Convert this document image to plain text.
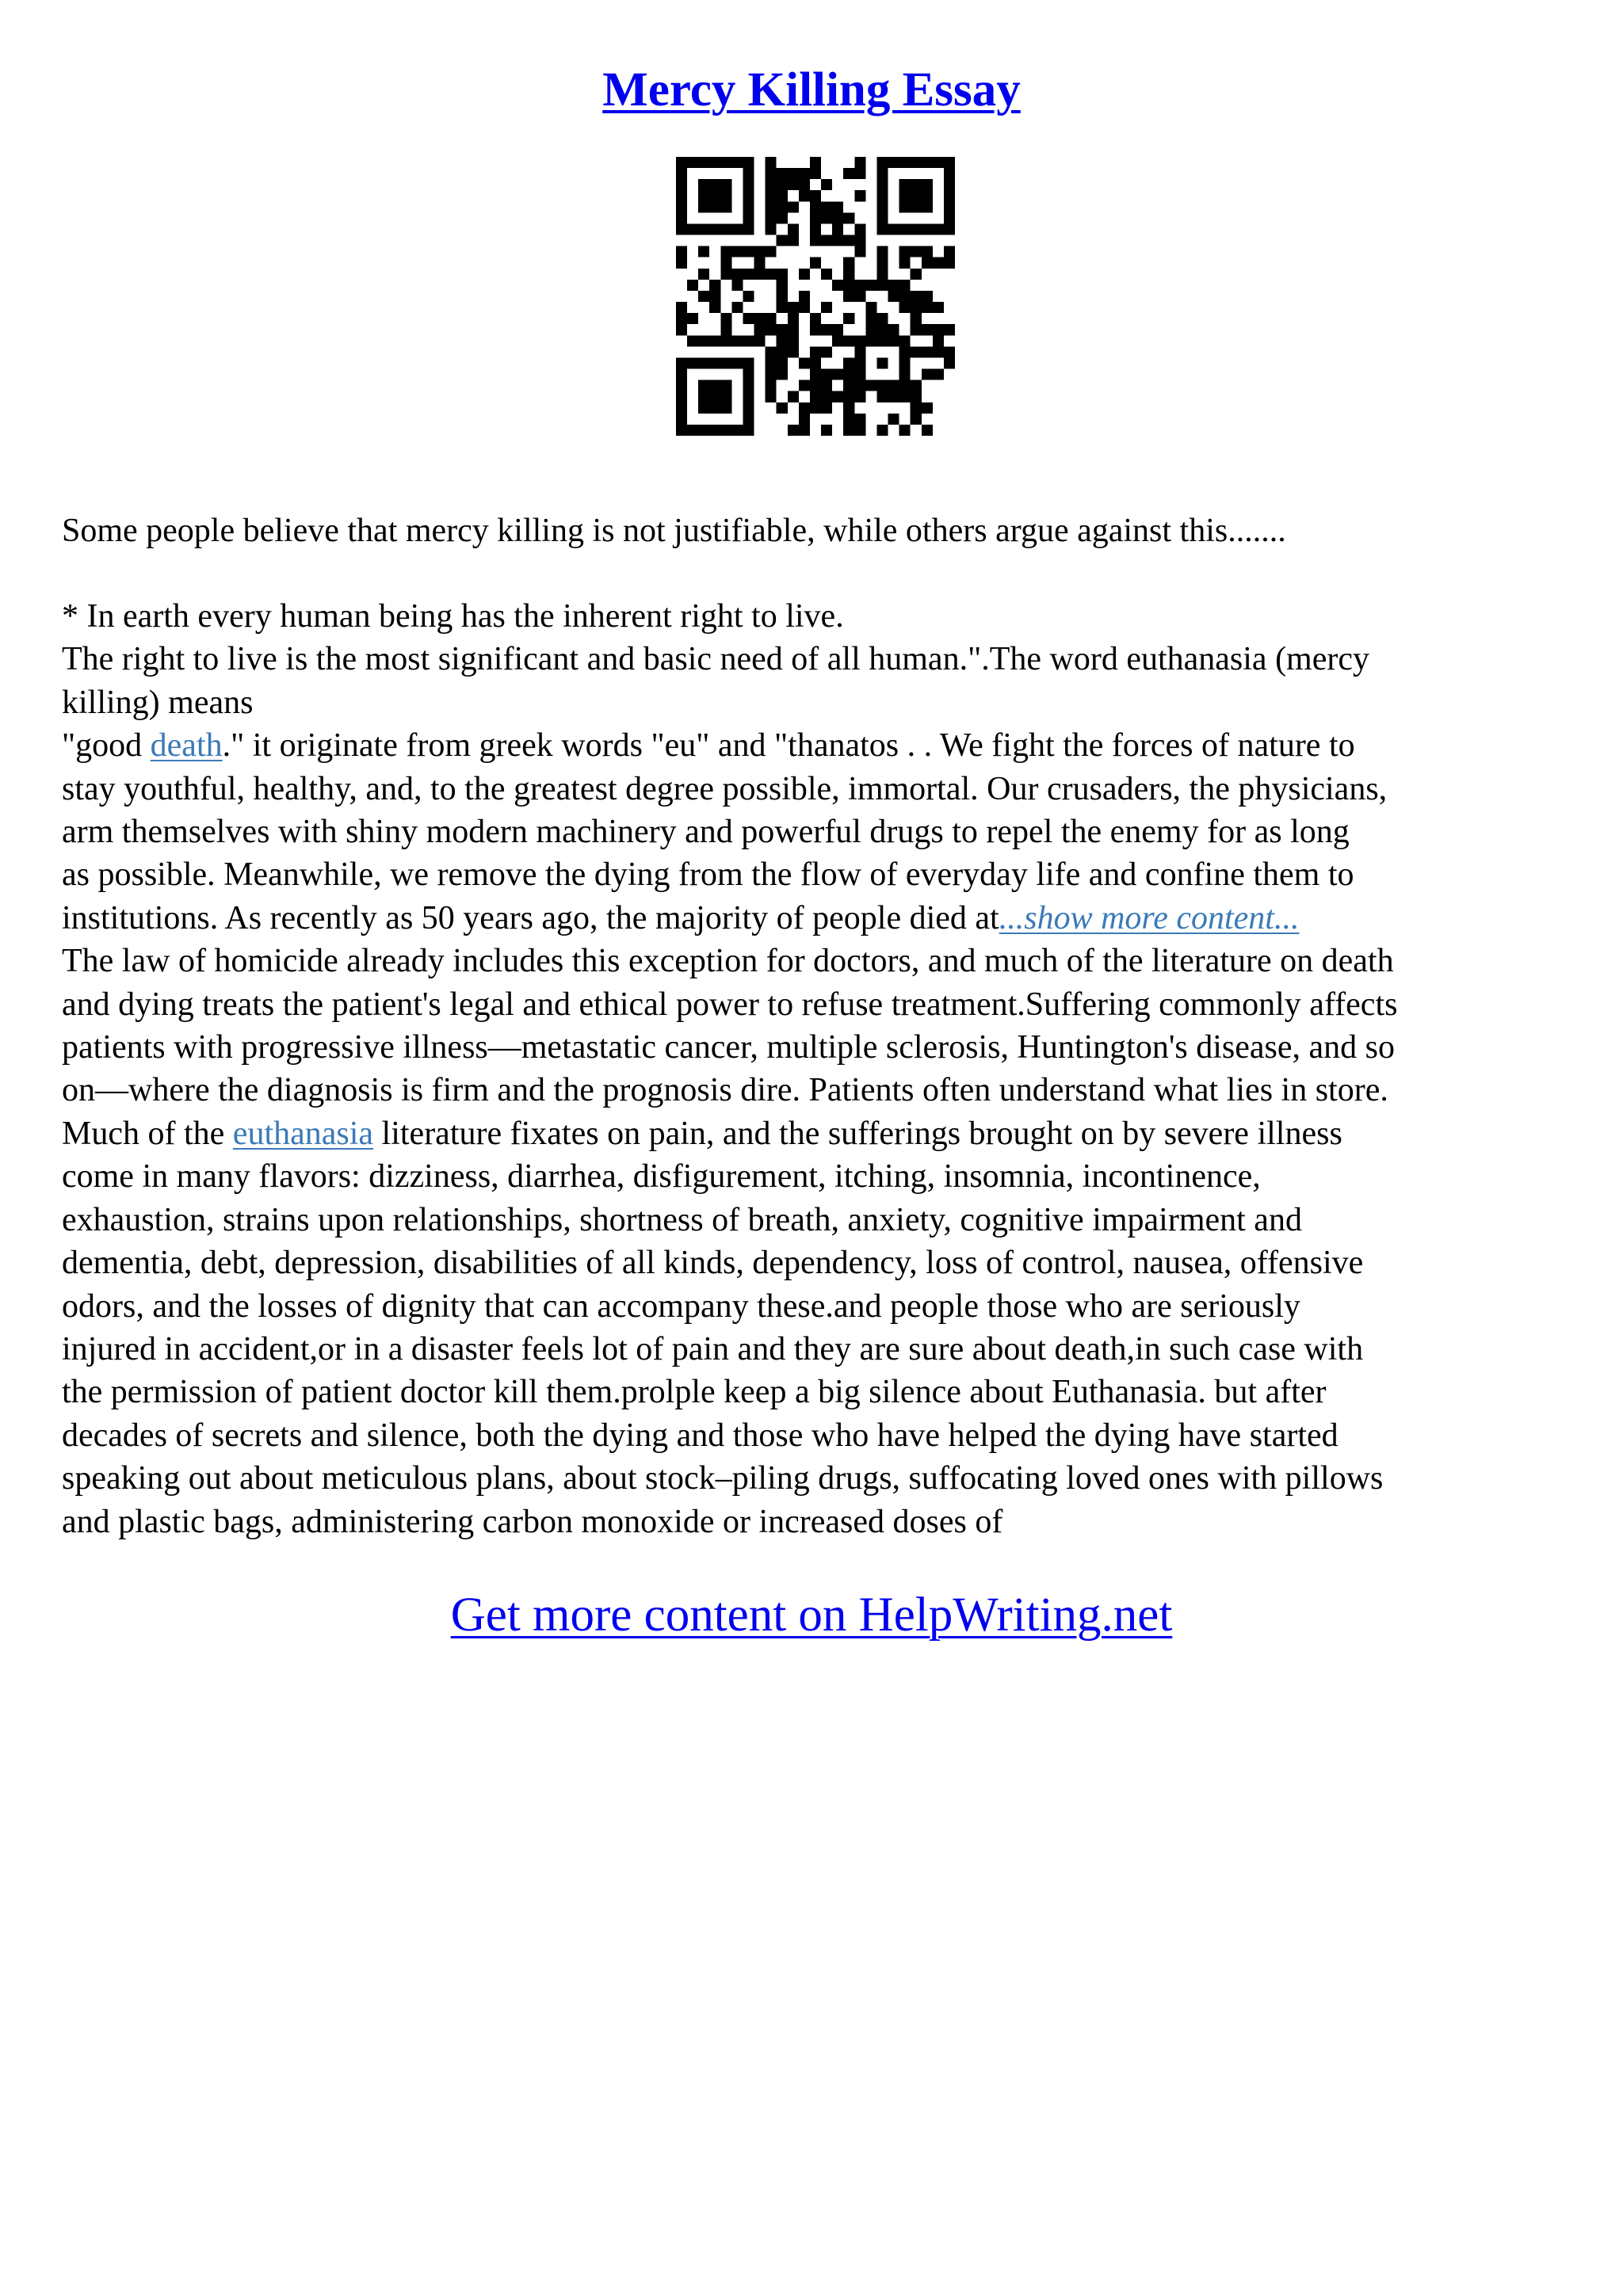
Mercy Killing Essay
Some people believe that mercy killing is not justifiable, while others argue against this.......
* In earth every human being has the inherent right to live.
The right to live is the most significant and basic need of all human.".The word euthanasia (mercy
killing) means
"good death." it originate from greek words "eu" and "thanatos . . We fight the forces of nature to
stay youthful, healthy, and, to the greatest degree possible, immortal. Our crusaders, the physicians,
arm themselves with shiny modern machinery and powerful drugs to repel the enemy for as long
as possible. Meanwhile, we remove the dying from the flow of everyday life and confine them to
institutions. As recently as 50 years ago, the majority of people died at...show more content...
The law of homicide already includes this exception for doctors, and much of the literature on death
and dying treats the patient's legal and ethical power to refuse treatment.Suffering commonly affects
patients with progressive illness—metastatic cancer, multiple sclerosis, Huntington's disease, and so
on—where the diagnosis is firm and the prognosis dire. Patients often understand what lies in store.
Much of the euthanasia literature fixates on pain, and the sufferings brought on by severe illness
come in many flavors: dizziness, diarrhea, disfigurement, itching, insomnia, incontinence,
exhaustion, strains upon relationships, shortness of breath, anxiety, cognitive impairment and
dementia, debt, depression, disabilities of all kinds, dependency, loss of control, nausea, offensive
odors, and the losses of dignity that can accompany these.and people those who are seriously
injured in accident,or in a disaster feels lot of pain and they are sure about death,in such case with
the permission of patient doctor kill them.prolple keep a big silence about Euthanasia. but after
decades of secrets and silence, both the dying and those who have helped the dying have started
speaking out about meticulous plans, about stock–piling drugs, suffocating loved ones with pillows
and plastic bags, administering carbon monoxide or increased doses of
Get more content on HelpWriting.net
